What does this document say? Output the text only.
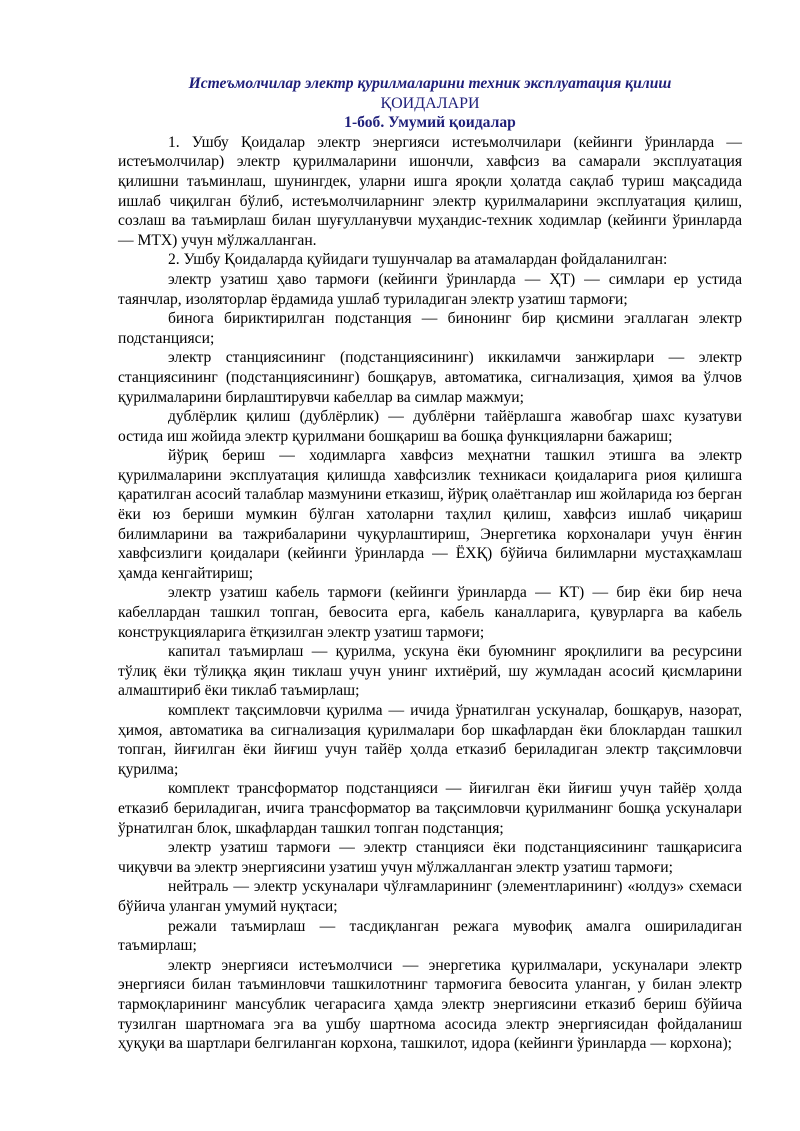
Истеъмолчилар электр қурилмаларини техник эксплуатация қилиш
ҚОИДАЛАРИ
1-боб. Умумий қоидалар

1. Ушбу Қоидалар электр энергияси истеъмолчилари (кейинги ўринларда — истеъмолчилар) электр қурилмаларини ишончли, хавфсиз ва самарали эксплуатация қилишни таъминлаш, шунингдек, уларни ишга яроқли ҳолатда сақлаб туриш мақсадида ишлаб чиқилган бўлиб, истеъмолчиларнинг электр қурилмаларини эксплуатация қилиш, созлаш ва таъмирлаш билан шуғулланувчи муҳандис-техник ходимлар (кейинги ўринларда — МТХ) учун мўлжалланган.

2. Ушбу Қоидаларда қуйидаги тушунчалар ва атамалардан фойдаланилган:

электр узатиш ҳаво тармоғи (кейинги ўринларда — ҲТ) — симлари ер устида таянчлар, изоляторлар ёрдамида ушлаб туриладиган электр узатиш тармоғи;

бинога бириктирилган подстанция — бинонинг бир қисмини эгаллаган электр подстанцияси;

электр станциясининг (подстанциясининг) иккиламчи занжирлари — электр станциясининг (подстанциясининг) бошқарув, автоматика, сигнализация, ҳимоя ва ўлчов қурилмаларини бирлаштирувчи кабеллар ва симлар мажмуи;

дублёрлик қилиш (дублёрлик) — дублёрни тайёрлашга жавобгар шахс кузатуви остида иш жойида электр қурилмани бошқариш ва бошқа функцияларни бажариш;

йўриқ бериш — ходимларга хавфсиз меҳнатни ташкил этишга ва электр қурилмаларини эксплуатация қилишда хавфсизлик техникаси қоидаларига риоя қилишга қаратилган асосий талаблар мазмунини етказиш, йўриқ олаётганлар иш жойларида юз берган ёки юз бериши мумкин бўлган хатоларни таҳлил қилиш, хавфсиз ишлаб чиқариш билимларини ва тажрибаларини чуқурлаштириш, Энергетика корхоналари учун ёнғин хавфсизлиги қоидалари (кейинги ўринларда — ЁХҚ) бўйича билимларни мустаҳкамлаш ҳамда кенгайтириш;

электр узатиш кабель тармоғи (кейинги ўринларда — КТ) — бир ёки бир неча кабеллардан ташкил топган, бевосита ерга, кабель каналларига, қувурларга ва кабель конструкцияларига ётқизилган электр узатиш тармоғи;

капитал таъмирлаш — қурилма, ускуна ёки буюмнинг яроқлилиги ва ресурсини тўлиқ ёки тўлиққа яқин тиклаш учун унинг ихтиёрий, шу жумладан асосий қисмларини алмаштириб ёки тиклаб таъмирлаш;

комплект тақсимловчи қурилма — ичида ўрнатилган ускуналар, бошқарув, назорат, ҳимоя, автоматика ва сигнализация қурилмалари бор шкафлардан ёки блоклардан ташкил топган, йиғилган ёки йиғиш учун тайёр ҳолда етказиб бериладиган электр тақсимловчи қурилма;

комплект трансформатор подстанцияси — йиғилган ёки йиғиш учун тайёр ҳолда етказиб бериладиган, ичига трансформатор ва тақсимловчи қурилманинг бошқа ускуналари ўрнатилган блок, шкафлардан ташкил топган подстанция;

электр узатиш тармоғи — электр станцияси ёки подстанциясининг ташқарисига чиқувчи ва электр энергиясини узатиш учун мўлжалланган электр узатиш тармоғи;

нейтраль — электр ускуналари чўлғамларининг (элементларининг) «юлдуз» схемаси бўйича уланган умумий нуқтаси;

режали таъмирлаш — тасдиқланган режага мувофиқ амалга ошириладиган таъмирлаш;

электр энергияси истеъмолчиси — энергетика қурилмалари, ускуналари электр энергияси билан таъминловчи ташкилотнинг тармоғига бевосита уланган, у билан электр тармоқларининг мансублик чегарасига ҳамда электр энергиясини етказиб бериш бўйича тузилган шартномага эга ва ушбу шартнома асосида электр энергиясидан фойдаланиш ҳуқуқи ва шартлари белгиланган корхона, ташкилот, идора (кейинги ўринларда — корхона);
